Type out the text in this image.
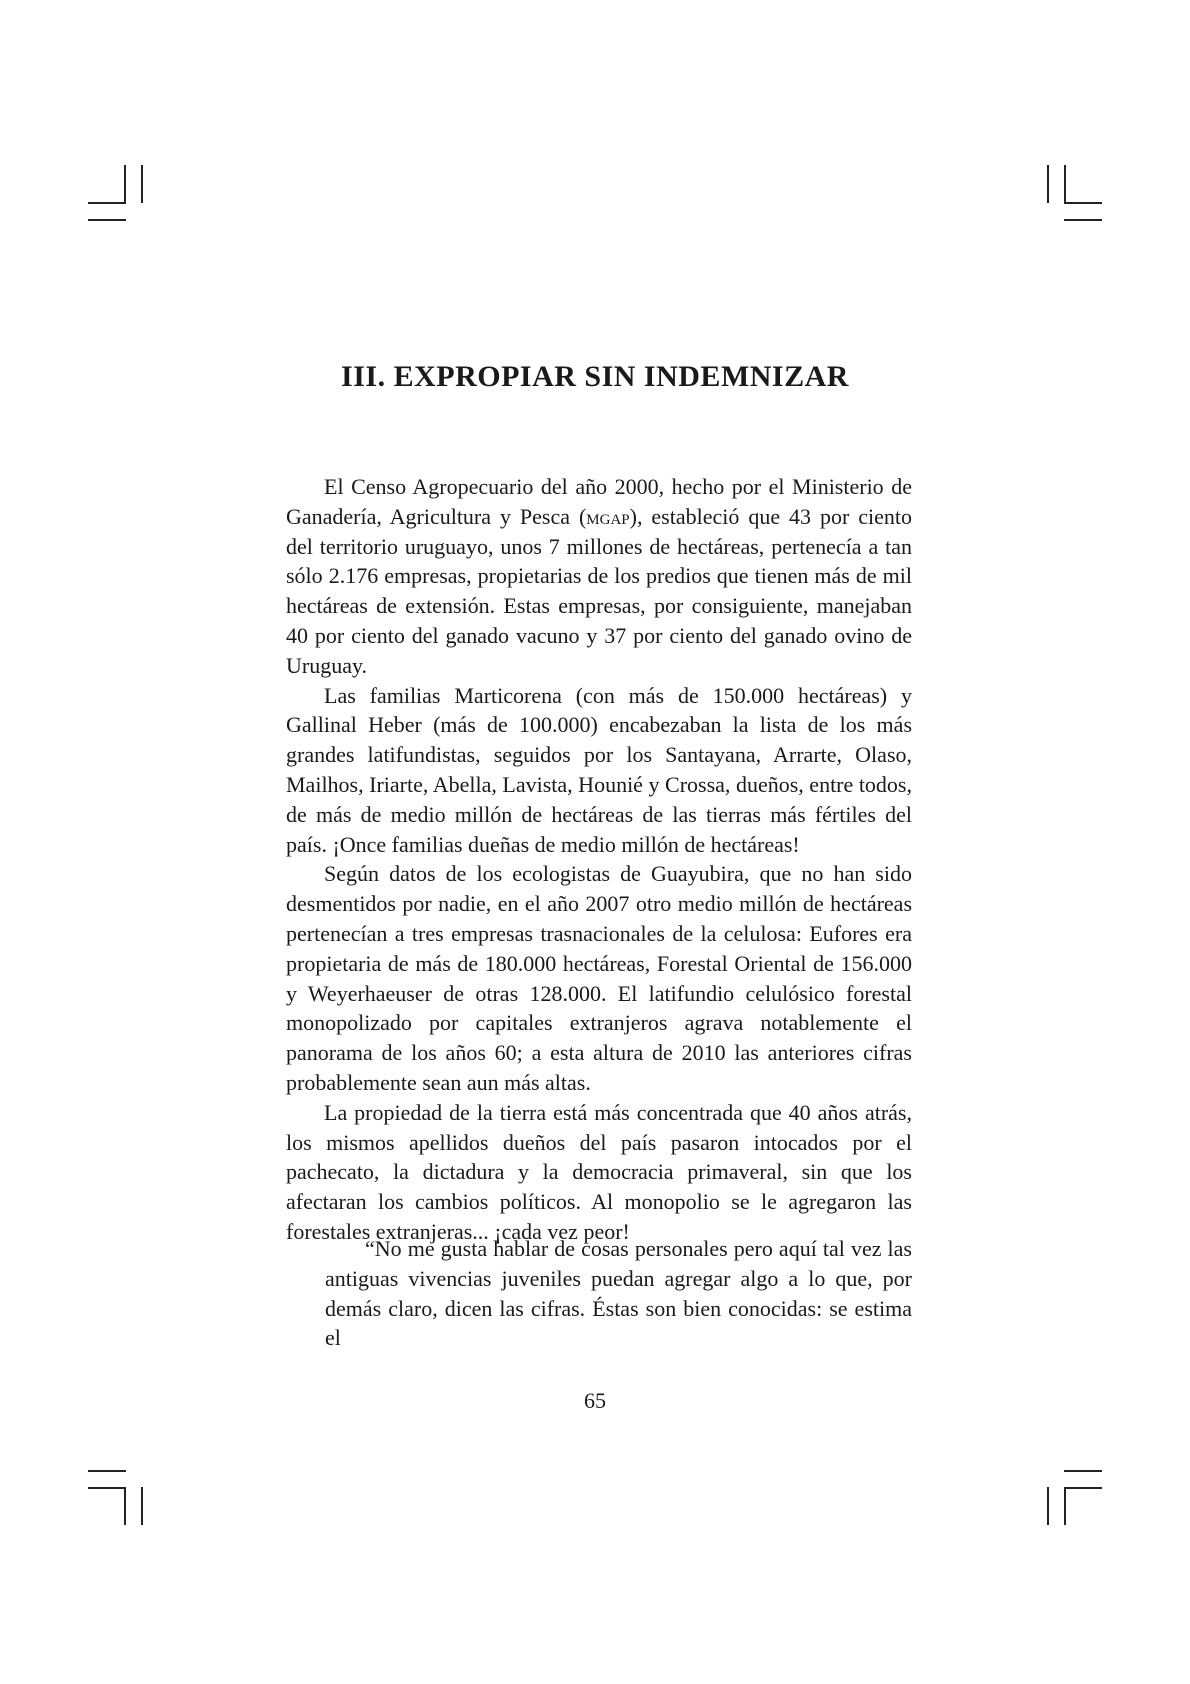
III. EXPROPIAR SIN INDEMNIZAR

El Censo Agropecuario del año 2000, hecho por el Ministerio de Ganadería, Agricultura y Pesca (mgap), estableció que 43 por ciento del territorio uruguayo, unos 7 millones de hectáreas, pertenecía a tan sólo 2.176 empresas, propietarias de los predios que tienen más de mil hectáreas de extensión. Estas empresas, por consiguiente, manejaban 40 por ciento del ganado vacuno y 37 por ciento del ganado ovino de Uruguay.

Las familias Marticorena (con más de 150.000 hectáreas) y Gallinal Heber (más de 100.000) encabezaban la lista de los más grandes latifundistas, seguidos por los Santayana, Arrarte, Olaso, Mailhos, Iriarte, Abella, Lavista, Hounié y Crossa, dueños, entre todos, de más de medio millón de hectáreas de las tierras más fértiles del país. ¡Once familias dueñas de medio millón de hectáreas!

Según datos de los ecologistas de Guayubira, que no han sido desmentidos por nadie, en el año 2007 otro medio millón de hectáreas pertenecían a tres empresas trasnacionales de la celulosa: Eufores era propietaria de más de 180.000 hectáreas, Forestal Oriental de 156.000 y Weyerhaeuser de otras 128.000. El latifundio celulósico forestal monopolizado por capitales extranjeros agrava notablemente el panorama de los años 60; a esta altura de 2010 las anteriores cifras probablemente sean aun más altas.

La propiedad de la tierra está más concentrada que 40 años atrás, los mismos apellidos dueños del país pasaron intocados por el pachecato, la dictadura y la democracia primaveral, sin que los afectaran los cambios políticos. Al monopolio se le agregaron las forestales extranjeras... ¡cada vez peor!

“No me gusta hablar de cosas personales pero aquí tal vez las antiguas vivencias juveniles puedan agregar algo a lo que, por demás claro, dicen las cifras. Éstas son bien conocidas: se estima el

65
